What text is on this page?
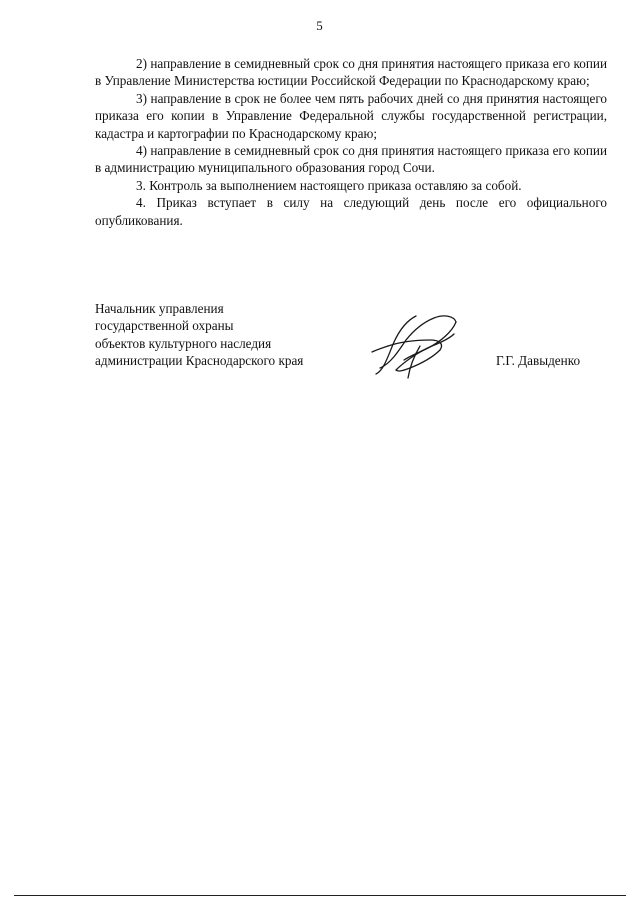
5

2) направление в семидневный срок со дня принятия настоящего приказа его копии в Управление Министерства юстиции Российской Федерации по Краснодарскому краю;

3) направление в срок не более чем пять рабочих дней со дня принятия настоящего приказа его копии в Управление Федеральной службы государственной регистрации, кадастра и картографии по Краснодарскому краю;

4) направление в семидневный срок со дня принятия настоящего приказа его копии в администрацию муниципального образования город Сочи.

3. Контроль за выполнением настоящего приказа оставляю за собой.

4. Приказ вступает в силу на следующий день после его официального опубликования.

Начальник управления
государственной охраны
объектов культурного наследия
администрации Краснодарского края	Г.Г. Давыденко
